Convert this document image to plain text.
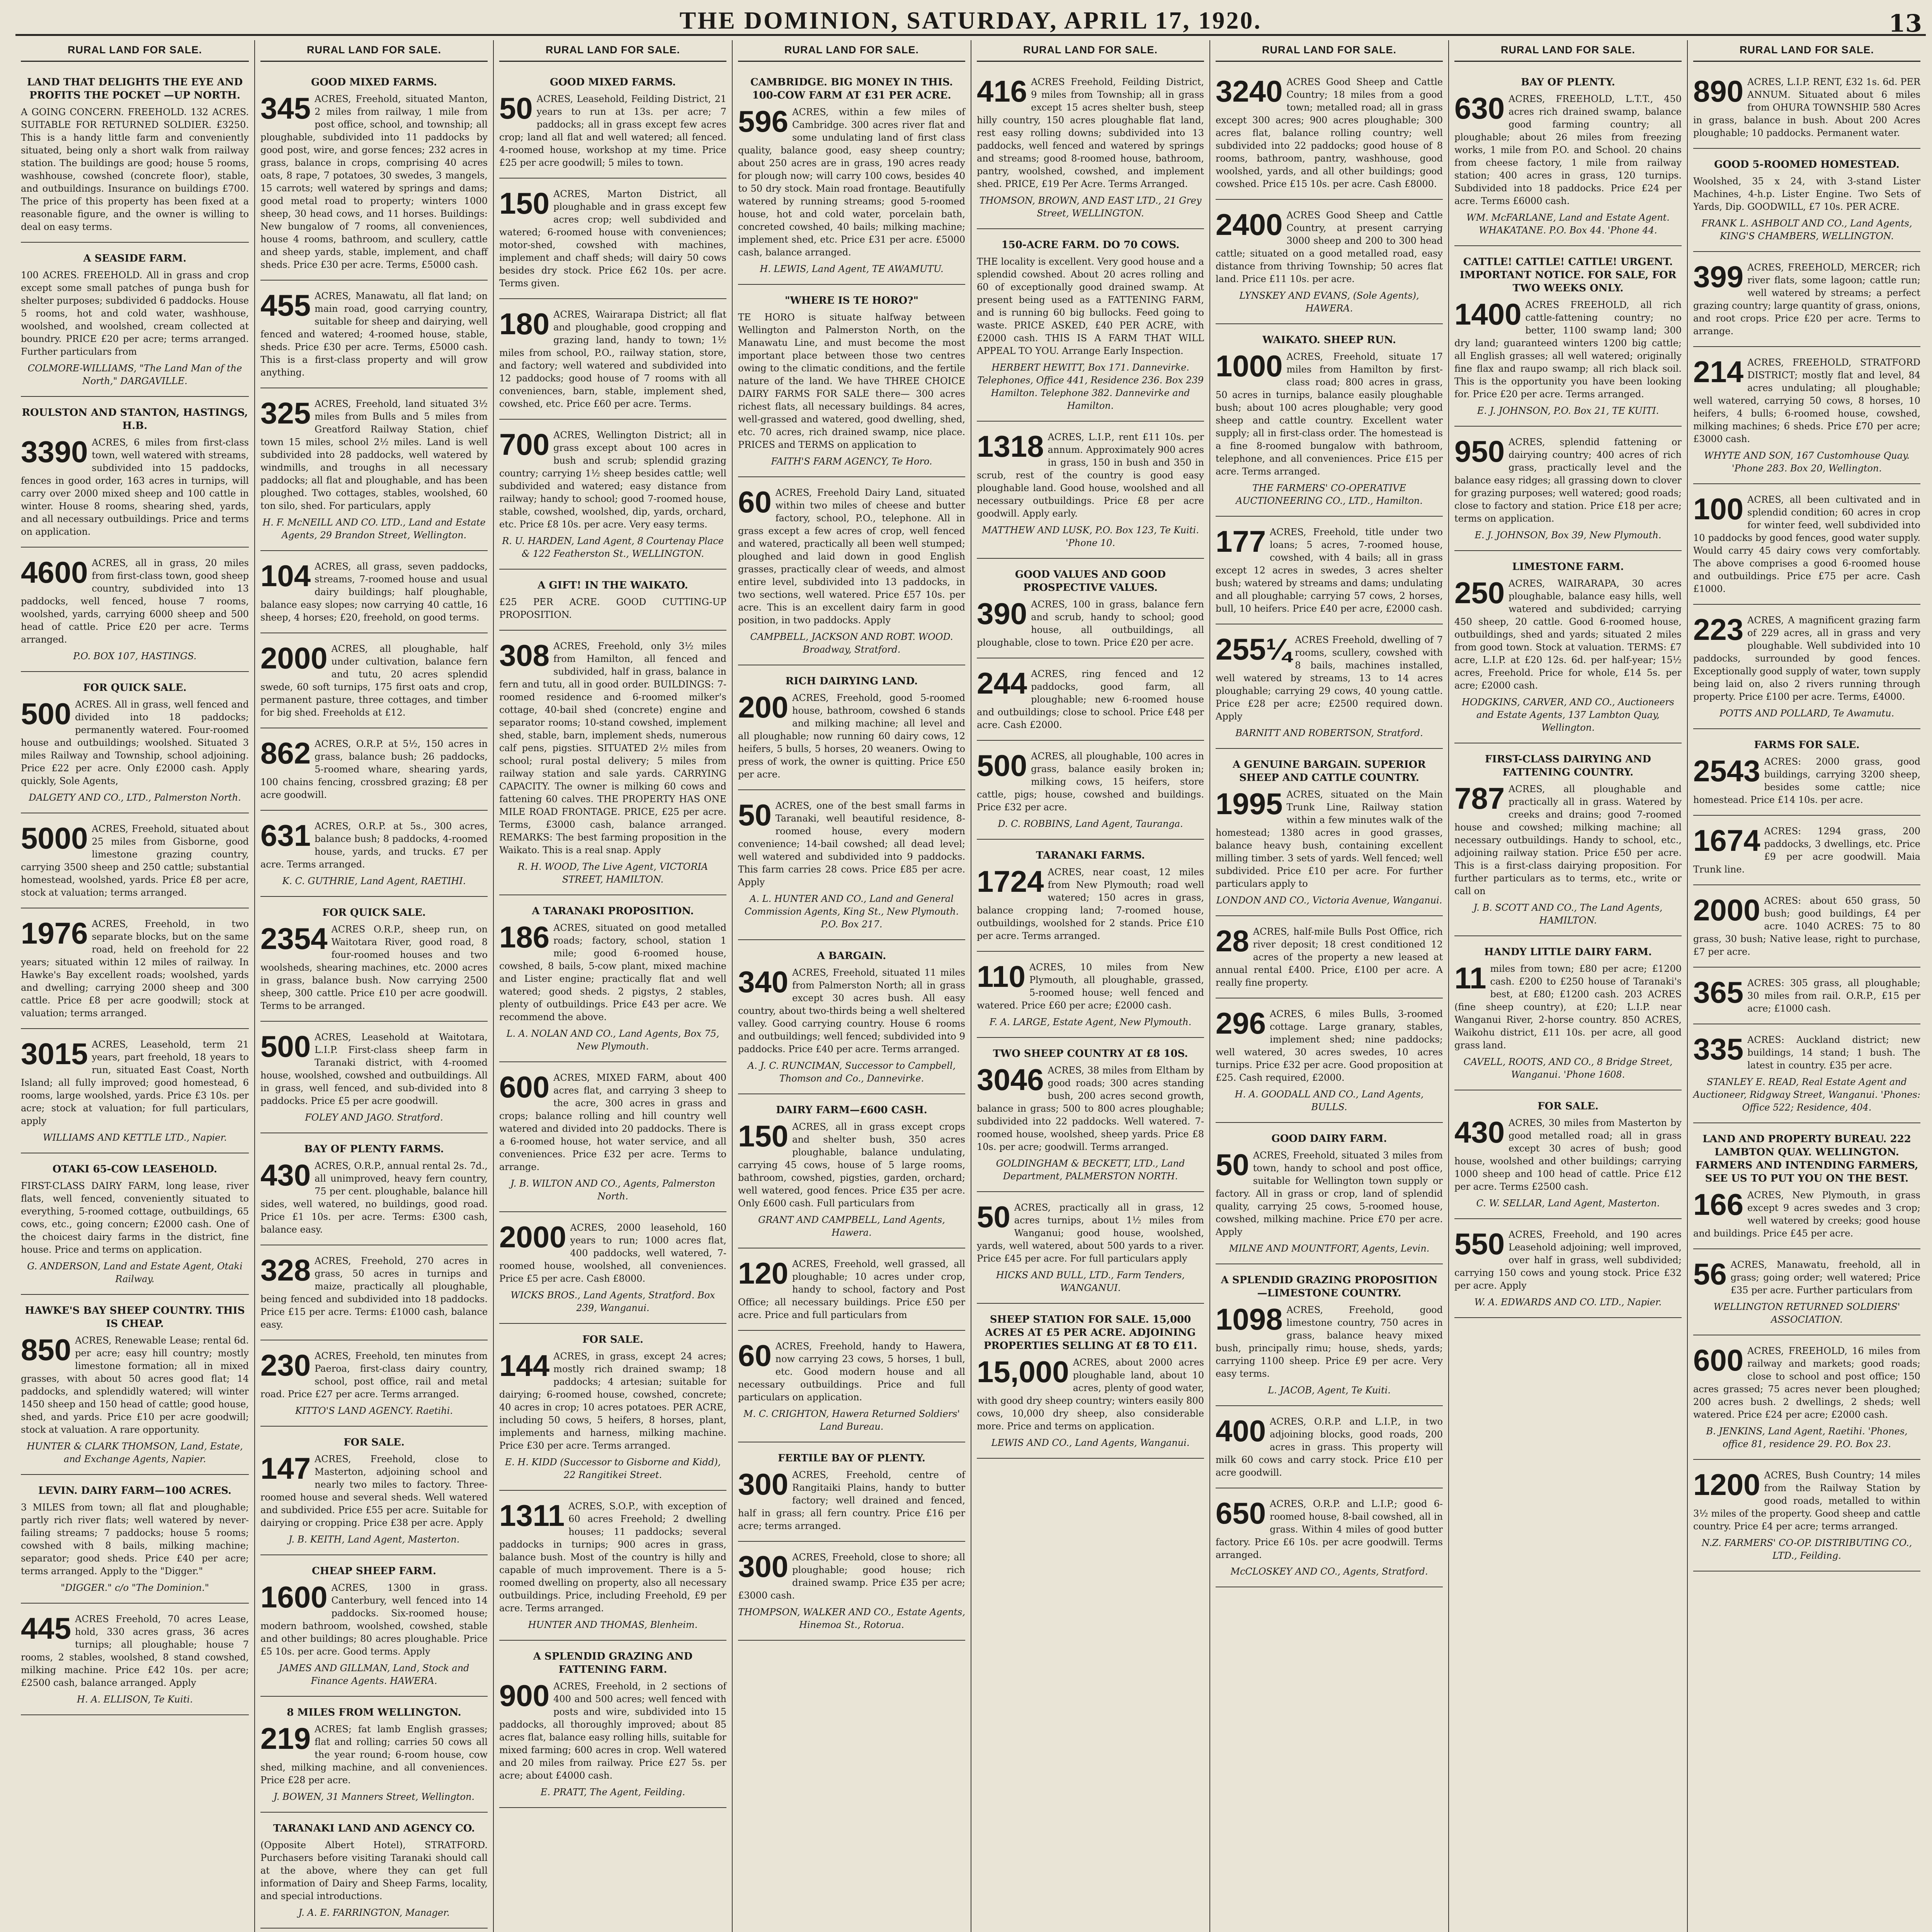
THE DOMINION, SATURDAY, APRIL 17, 1920.	13
RURAL LAND FOR SALE.
LAND THAT DELIGHTS THE EYE AND PROFITS THE POCKET —UP NORTH.
A GOING CONCERN. FREEHOLD. 132 ACRES. SUITABLE FOR RETURNED SOLDIER. £3250. This is a handy little farm and conveniently situated, being only a short walk from railway station. The buildings are good; house 5 rooms, washhouse, cowshed (concrete floor), stable, and outbuildings. Insurance on buildings £700. The price of this property has been fixed at a reasonable figure, and the owner is willing to deal on easy terms.
A SEASIDE FARM.
100 ACRES. FREEHOLD. All in grass and crop except some small patches of punga bush for shelter purposes; subdivided 6 paddocks. House 5 rooms, hot and cold water, washhouse, woolshed, and woolshed, cream collected at boundry. PRICE £20 per acre; terms arranged. Further particulars from
COLMORE-WILLIAMS, "The Land Man of the North," DARGAVILLE.
ROULSTON AND STANTON, HASTINGS, H.B.
3390 ACRES, 6 miles from first-class town, well watered with streams, subdivided into 15 paddocks, fences in good order, 163 acres in turnips, will carry over 2000 mixed sheep and 100 cattle in winter. House 8 rooms, shearing shed, yards, and all necessary outbuildings. Price and terms on application.
4600 ACRES, all in grass, 20 miles from first-class town, good sheep country, subdivided into 13 paddocks, well fenced, house 7 rooms, woolshed, yards, carrying 6000 sheep and 500 head of cattle. Price £20 per acre. Terms arranged.
P.O. BOX 107, HASTINGS.
FOR QUICK SALE.
500 ACRES. All in grass, well fenced and divided into 18 paddocks; permanently watered. Four-roomed house and outbuildings; woolshed. Situated 3 miles Railway and Township, school adjoining. Price £22 per acre. Only £2000 cash. Apply quickly, Sole Agents,
DALGETY AND CO., LTD., Palmerston North.
5000 ACRES, Freehold, situated about 25 miles from Gisborne, good limestone grazing country, carrying 3500 sheep and 250 cattle; substantial homestead, woolshed, yards. Price £8 per acre, stock at valuation; terms arranged.
1976 ACRES, Freehold, in two separate blocks, but on the same road, held on freehold for 22 years; situated within 12 miles of railway. In Hawke's Bay excellent roads; woolshed, yards and dwelling; carrying 2000 sheep and 300 cattle. Price £8 per acre goodwill; stock at valuation; terms arranged.
3015 ACRES, Leasehold, term 21 years, part freehold, 18 years to run, situated East Coast, North Island; all fully improved; good homestead, 6 rooms, large woolshed, yards. Price £3 10s. per acre; stock at valuation; for full particulars, apply
WILLIAMS AND KETTLE LTD., Napier.
OTAKI 65-COW LEASEHOLD.
FIRST-CLASS DAIRY FARM, long lease, river flats, well fenced, conveniently situated to everything, 5-roomed cottage, outbuildings, 65 cows, etc., going concern; £2000 cash. One of the choicest dairy farms in the district, fine house. Price and terms on application.
G. ANDERSON, Land and Estate Agent, Otaki Railway.
HAWKE'S BAY SHEEP COUNTRY. THIS IS CHEAP.
850 ACRES, Renewable Lease; rental 6d. per acre; easy hill country; mostly limestone formation; all in mixed grasses, with about 50 acres good flat; 14 paddocks, and splendidly watered; will winter 1450 sheep and 150 head of cattle; good house, shed, and yards. Price £10 per acre goodwill; stock at valuation. A rare opportunity.
HUNTER & CLARK THOMSON, Land, Estate, and Exchange Agents, Napier.
LEVIN. DAIRY FARM—100 ACRES.
3 MILES from town; all flat and ploughable; partly rich river flats; well watered by never-failing streams; 7 paddocks; house 5 rooms; cowshed with 8 bails, milking machine; separator; good sheds. Price £40 per acre; terms arranged. Apply to the "Digger."
"DIGGER." c/o "The Dominion."
445 ACRES Freehold, 70 acres Lease, hold, 330 acres grass, 36 acres turnips; all ploughable; house 7 rooms, 2 stables, woolshed, 8 stand cowshed, milking machine. Price £42 10s. per acre; £2500 cash, balance arranged. Apply
H. A. ELLISON, Te Kuiti.
RURAL LAND FOR SALE.
GOOD MIXED FARMS.
345 ACRES, Freehold, situated Manton, 2 miles from railway, 1 mile from post office, school, and township; all ploughable, subdivided into 11 paddocks by good post, wire, and gorse fences; 232 acres in grass, balance in crops, comprising 40 acres oats, 8 rape, 7 potatoes, 30 swedes, 3 mangels, 15 carrots; well watered by springs and dams; good metal road to property; winters 1000 sheep, 30 head cows, and 11 horses. Buildings: New bungalow of 7 rooms, all conveniences, house 4 rooms, bathroom, and scullery, cattle and sheep yards, stable, implement, and chaff sheds. Price £30 per acre. Terms, £5000 cash.
455 ACRES, Manawatu, all flat land; on main road, good carrying country, suitable for sheep and dairying, well fenced and watered; 4-roomed house, stable, sheds. Price £30 per acre. Terms, £5000 cash. This is a first-class property and will grow anything.
325 ACRES, Freehold, land situated 3½ miles from Bulls and 5 miles from Greatford Railway Station, chief town 15 miles, school 2½ miles. Land is well subdivided into 28 paddocks, well watered by windmills, and troughs in all necessary paddocks; all flat and ploughable, and has been ploughed. Two cottages, stables, woolshed, 60 ton silo, shed. For particulars, apply
H. F. McNEILL AND CO. LTD., Land and Estate Agents, 29 Brandon Street, Wellington.
104 ACRES, all grass, seven paddocks, streams, 7-roomed house and usual dairy buildings; half ploughable, balance easy slopes; now carrying 40 cattle, 16 sheep, 4 horses; £20, freehold, on good terms.
2000 ACRES, all ploughable, half under cultivation, balance fern and tutu, 20 acres splendid swede, 60 soft turnips, 175 first oats and crop, permanent pasture, three cottages, and timber for big shed. Freeholds at £12.
862 ACRES, O.R.P. at 5½, 150 acres in grass, balance bush; 26 paddocks, 5-roomed whare, shearing yards, 100 chains fencing, crossbred grazing; £8 per acre goodwill.
631 ACRES, O.R.P. at 5s., 300 acres, balance bush; 8 paddocks, 4-roomed house, yards, and trucks. £7 per acre. Terms arranged.
K. C. GUTHRIE, Land Agent, RAETIHI.
FOR QUICK SALE.
2354 ACRES O.R.P., sheep run, on Waitotara River, good road, 8 four-roomed houses and two woolsheds, shearing machines, etc. 2000 acres in grass, balance bush. Now carrying 2500 sheep, 300 cattle. Price £10 per acre goodwill. Terms to be arranged.
500 ACRES, Leasehold at Waitotara, L.I.P. First-class sheep farm in Taranaki district, with 4-roomed house, woolshed, cowshed and outbuildings. All in grass, well fenced, and sub-divided into 8 paddocks. Price £5 per acre goodwill.
FOLEY AND JAGO. Stratford.
BAY OF PLENTY FARMS.
430 ACRES, O.R.P., annual rental 2s. 7d., all unimproved, heavy fern country, 75 per cent. ploughable, balance hill sides, well watered, no buildings, good road. Price £1 10s. per acre. Terms: £300 cash, balance easy.
328 ACRES, Freehold, 270 acres in grass, 50 acres in turnips and maize, practically all ploughable, being fenced and subdivided into 18 paddocks. Price £15 per acre. Terms: £1000 cash, balance easy.
230 ACRES, Freehold, ten minutes from Paeroa, first-class dairy country, school, post office, rail and metal road. Price £27 per acre. Terms arranged.
KITTO'S LAND AGENCY. Raetihi.
FOR SALE.
147 ACRES, Freehold, close to Masterton, adjoining school and nearly two miles to factory. Three-roomed house and several sheds. Well watered and subdivided. Price £55 per acre. Suitable for dairying or cropping. Price £38 per acre. Apply
J. B. KEITH, Land Agent, Masterton.
CHEAP SHEEP FARM.
1600 ACRES, 1300 in grass. Canterbury, well fenced into 14 paddocks. Six-roomed house; modern bathroom, woolshed, cowshed, stable and other buildings; 80 acres ploughable. Price £5 10s. per acre. Good terms. Apply
JAMES AND GILLMAN, Land, Stock and Finance Agents. HAWERA.
8 MILES FROM WELLINGTON.
219 ACRES; fat lamb English grasses; flat and rolling; carries 50 cows all the year round; 6-room house, cow shed, milking machine, and all conveniences. Price £28 per acre.
J. BOWEN, 31 Manners Street, Wellington.
TARANAKI LAND AND AGENCY CO.
(Opposite Albert Hotel), STRATFORD. Purchasers before visiting Taranaki should call at the above, where they can get full information of Dairy and Sheep Farms, locality, and special introductions.
J. A. E. FARRINGTON, Manager.
RURAL LAND FOR SALE.
GOOD MIXED FARMS.
50 ACRES, Leasehold, Feilding District, 21 years to run at 13s. per acre; 7 paddocks; all in grass except few acres crop; land all flat and well watered; all fenced. 4-roomed house, workshop at my time. Price £25 per acre goodwill; 5 miles to town.
150 ACRES, Marton District, all ploughable and in grass except few acres crop; well subdivided and watered; 6-roomed house with conveniences; motor-shed, cowshed with machines, implement and chaff sheds; will dairy 50 cows besides dry stock. Price £62 10s. per acre. Terms given.
180 ACRES, Wairarapa District; all flat and ploughable, good cropping and grazing land, handy to town; 1½ miles from school, P.O., railway station, store, and factory; well watered and subdivided into 12 paddocks; good house of 7 rooms with all conveniences, barn, stable, implement shed, cowshed, etc. Price £60 per acre. Terms.
700 ACRES, Wellington District; all in grass except about 100 acres in bush and scrub; splendid grazing country; carrying 1½ sheep besides cattle; well subdivided and watered; easy distance from railway; handy to school; good 7-roomed house, stable, cowshed, woolshed, dip, yards, orchard, etc. Price £8 10s. per acre. Very easy terms.
R. U. HARDEN, Land Agent, 8 Courtenay Place & 122 Featherston St., WELLINGTON.
A GIFT! IN THE WAIKATO.
£25 PER ACRE. GOOD CUTTING-UP PROPOSITION.
308 ACRES, Freehold, only 3½ miles from Hamilton, all fenced and subdivided, half in grass, balance in fern and tutu, all in good order. BUILDINGS: 7-roomed residence and 6-roomed milker's cottage, 40-bail shed (concrete) engine and separator rooms; 10-stand cowshed, implement shed, stable, barn, implement sheds, numerous calf pens, pigsties. SITUATED 2½ miles from school; rural postal delivery; 5 miles from railway station and sale yards. CARRYING CAPACITY. The owner is milking 60 cows and fattening 60 calves. THE PROPERTY HAS ONE MILE ROAD FRONTAGE. PRICE, £25 per acre. Terms, £3000 cash, balance arranged. REMARKS: The best farming proposition in the Waikato. This is a real snap. Apply
R. H. WOOD, The Live Agent, VICTORIA STREET, HAMILTON.
A TARANAKI PROPOSITION.
186 ACRES, situated on good metalled roads; factory, school, station 1 mile; good 6-roomed house, cowshed, 8 bails, 5-cow plant, mixed machine and Lister engine; practically flat and well watered; good sheds. 2 pigstys, 2 stables, plenty of outbuildings. Price £43 per acre. We recommend the above.
L. A. NOLAN AND CO., Land Agents, Box 75, New Plymouth.
600 ACRES, MIXED FARM, about 400 acres flat, and carrying 3 sheep to the acre, 300 acres in grass and crops; balance rolling and hill country well watered and divided into 20 paddocks. There is a 6-roomed house, hot water service, and all conveniences. Price £32 per acre. Terms to arrange.
J. B. WILTON AND CO., Agents, Palmerston North.
2000 ACRES, 2000 leasehold, 160 years to run; 1000 acres flat, 400 paddocks, well watered, 7-roomed house, woolshed, all conveniences. Price £5 per acre. Cash £8000.
WICKS BROS., Land Agents, Stratford. Box 239, Wanganui.
FOR SALE.
144 ACRES, in grass, except 24 acres; mostly rich drained swamp; 18 paddocks; 4 artesian; suitable for dairying; 6-roomed house, cowshed, concrete; 40 acres in crop; 10 acres potatoes. PER ACRE, including 50 cows, 5 heifers, 8 horses, plant, implements and harness, milking machine. Price £30 per acre. Terms arranged.
E. H. KIDD (Successor to Gisborne and Kidd), 22 Rangitikei Street.
1311 ACRES, S.O.P., with exception of 60 acres Freehold; 2 dwelling houses; 11 paddocks; several paddocks in turnips; 900 acres in grass, balance bush. Most of the country is hilly and capable of much improvement. There is a 5-roomed dwelling on property, also all necessary outbuildings. Price, including Freehold, £9 per acre. Terms arranged.
HUNTER AND THOMAS, Blenheim.
A SPLENDID GRAZING AND FATTENING FARM.
900 ACRES, Freehold, in 2 sections of 400 and 500 acres; well fenced with posts and wire, subdivided into 15 paddocks, all thoroughly improved; about 85 acres flat, balance easy rolling hills, suitable for mixed farming; 600 acres in crop. Well watered and 20 miles from railway. Price £27 5s. per acre; about £4000 cash.
E. PRATT, The Agent, Feilding.
RURAL LAND FOR SALE.
CAMBRIDGE. BIG MONEY IN THIS. 100-COW FARM AT £31 PER ACRE.
596 ACRES, within a few miles of Cambridge. 300 acres river flat and some undulating land of first class quality, balance good, easy sheep country; about 250 acres are in grass, 190 acres ready for plough now; will carry 100 cows, besides 40 to 50 dry stock. Main road frontage. Beautifully watered by running streams; good 5-roomed house, hot and cold water, porcelain bath, concreted cowshed, 40 bails; milking machine; implement shed, etc. Price £31 per acre. £5000 cash, balance arranged.
H. LEWIS, Land Agent, TE AWAMUTU.
"WHERE IS TE HORO?"
TE HORO is situate halfway between Wellington and Palmerston North, on the Manawatu Line, and must become the most important place between those two centres owing to the climatic conditions, and the fertile nature of the land. We have THREE CHOICE DAIRY FARMS FOR SALE there— 300 acres richest flats, all necessary buildings. 84 acres, well-grassed and watered, good dwelling, shed, etc. 70 acres, rich drained swamp, nice place. PRICES and TERMS on application to
FAITH'S FARM AGENCY, Te Horo.
60 ACRES, Freehold Dairy Land, situated within two miles of cheese and butter factory, school, P.O., telephone. All in grass except a few acres of crop, well fenced and watered, practically all been well stumped; ploughed and laid down in good English grasses, practically clear of weeds, and almost entire level, subdivided into 13 paddocks, in two sections, well watered. Price £57 10s. per acre. This is an excellent dairy farm in good position, in two paddocks. Apply
CAMPBELL, JACKSON AND ROBT. WOOD. Broadway, Stratford.
RICH DAIRYING LAND.
200 ACRES, Freehold, good 5-roomed house, bathroom, cowshed 6 stands and milking machine; all level and all ploughable; now running 60 dairy cows, 12 heifers, 5 bulls, 5 horses, 20 weaners. Owing to press of work, the owner is quitting. Price £50 per acre.
50 ACRES, one of the best small farms in Taranaki, well beautiful residence, 8-roomed house, every modern convenience; 14-bail cowshed; all dead level; well watered and subdivided into 9 paddocks. This farm carries 28 cows. Price £85 per acre. Apply
A. L. HUNTER AND CO., Land and General Commission Agents, King St., New Plymouth. P.O. Box 217.
A BARGAIN.
340 ACRES, Freehold, situated 11 miles from Palmerston North; all in grass except 30 acres bush. All easy country, about two-thirds being a well sheltered valley. Good carrying country. House 6 rooms and outbuildings; well fenced; subdivided into 9 paddocks. Price £40 per acre. Terms arranged.
A. J. C. RUNCIMAN, Successor to Campbell, Thomson and Co., Dannevirke.
DAIRY FARM—£600 CASH.
150 ACRES, all in grass except crops and shelter bush, 350 acres ploughable, balance undulating, carrying 45 cows, house of 5 large rooms, bathroom, cowshed, pigsties, garden, orchard; well watered, good fences. Price £35 per acre. Only £600 cash. Full particulars from
GRANT AND CAMPBELL, Land Agents, Hawera.
120 ACRES, Freehold, well grassed, all ploughable; 10 acres under crop, handy to school, factory and Post Office; all necessary buildings. Price £50 per acre. Price and full particulars from
60 ACRES, Freehold, handy to Hawera, now carrying 23 cows, 5 horses, 1 bull, etc. Good modern house and all necessary outbuildings. Price and full particulars on application.
M. C. CRIGHTON, Hawera Returned Soldiers' Land Bureau.
FERTILE BAY OF PLENTY.
300 ACRES, Freehold, centre of Rangitaiki Plains, handy to butter factory; well drained and fenced, half in grass; all fern country. Price £16 per acre; terms arranged.
300 ACRES, Freehold, close to shore; all ploughable; good house; rich drained swamp. Price £35 per acre; £3000 cash.
THOMPSON, WALKER AND CO., Estate Agents, Hinemoa St., Rotorua.
RURAL LAND FOR SALE.
416 ACRES Freehold, Feilding District, 9 miles from Township; all in grass except 15 acres shelter bush, steep hilly country, 150 acres ploughable flat land, rest easy rolling downs; subdivided into 13 paddocks, well fenced and watered by springs and streams; good 8-roomed house, bathroom, pantry, woolshed, cowshed, and implement shed. PRICE, £19 Per Acre. Terms Arranged.
THOMSON, BROWN, AND EAST LTD., 21 Grey Street, WELLINGTON.
150-ACRE FARM. DO 70 COWS.
THE locality is excellent. Very good house and a splendid cowshed. About 20 acres rolling and 60 of exceptionally good drained swamp. At present being used as a FATTENING FARM, and is running 60 big bullocks. Feed going to waste. PRICE ASKED, £40 PER ACRE, with £2000 cash. THIS IS A FARM THAT WILL APPEAL TO YOU. Arrange Early Inspection.
HERBERT HEWITT, Box 171. Dannevirke. Telephones, Office 441, Residence 236. Box 239 Hamilton. Telephone 382. Dannevirke and Hamilton.
1318 ACRES, L.I.P., rent £11 10s. per annum. Approximately 900 acres in grass, 150 in bush and 350 in scrub, rest of the country is good easy ploughable land. Good house, woolshed and all necessary outbuildings. Price £8 per acre goodwill. Apply early.
MATTHEW AND LUSK, P.O. Box 123, Te Kuiti. 'Phone 10.
GOOD VALUES AND GOOD PROSPECTIVE VALUES.
390 ACRES, 100 in grass, balance fern and scrub, handy to school; good house, all outbuildings, all ploughable, close to town. Price £20 per acre.
244 ACRES, ring fenced and 12 paddocks, good farm, all ploughable; new 6-roomed house and outbuildings; close to school. Price £48 per acre. Cash £2000.
500 ACRES, all ploughable, 100 acres in grass, balance easily broken in; milking cows, 15 heifers, store cattle, pigs; house, cowshed and buildings. Price £32 per acre.
D. C. ROBBINS, Land Agent, Tauranga.
TARANAKI FARMS.
1724 ACRES, near coast, 12 miles from New Plymouth; road well watered; 150 acres in grass, balance cropping land; 7-roomed house, outbuildings, woolshed for 2 stands. Price £10 per acre. Terms arranged.
110 ACRES, 10 miles from New Plymouth, all ploughable, grassed, 5-roomed house; well fenced and watered. Price £60 per acre; £2000 cash.
F. A. LARGE, Estate Agent, New Plymouth.
TWO SHEEP COUNTRY AT £8 10S.
3046 ACRES, 38 miles from Eltham by good roads; 300 acres standing bush, 200 acres second growth, balance in grass; 500 to 800 acres ploughable; subdivided into 22 paddocks. Well watered. 7-roomed house, woolshed, sheep yards. Price £8 10s. per acre; goodwill. Terms arranged.
GOLDINGHAM & BECKETT, LTD., Land Department, PALMERSTON NORTH.
50 ACRES, practically all in grass, 12 acres turnips, about 1½ miles from Wanganui; good house, woolshed, yards, well watered, about 500 yards to a river. Price £45 per acre. For full particulars apply
HICKS AND BULL, LTD., Farm Tenders, WANGANUI.
SHEEP STATION FOR SALE. 15,000 ACRES AT £5 PER ACRE. ADJOINING PROPERTIES SELLING AT £8 TO £11.
15,000 ACRES, about 2000 acres ploughable land, about 10 acres, plenty of good water, with good dry sheep country; winters easily 800 cows, 10,000 dry sheep, also considerable more. Price and terms on application.
LEWIS AND CO., Land Agents, Wanganui.
RURAL LAND FOR SALE.
3240 ACRES Good Sheep and Cattle Country; 18 miles from a good town; metalled road; all in grass except 300 acres; 900 acres ploughable; 300 acres flat, balance rolling country; well subdivided into 22 paddocks; good house of 8 rooms, bathroom, pantry, washhouse, good woolshed, yards, and all other buildings; good cowshed. Price £15 10s. per acre. Cash £8000.
2400 ACRES Good Sheep and Cattle Country, at present carrying 3000 sheep and 200 to 300 head cattle; situated on a good metalled road, easy distance from thriving Township; 50 acres flat land. Price £11 10s. per acre.
LYNSKEY AND EVANS, (Sole Agents), HAWERA.
WAIKATO. SHEEP RUN.
1000 ACRES, Freehold, situate 17 miles from Hamilton by first-class road; 800 acres in grass, 50 acres in turnips, balance easily ploughable bush; about 100 acres ploughable; very good sheep and cattle country. Excellent water supply; all in first-class order. The homestead is a fine 8-roomed bungalow with bathroom, telephone, and all conveniences. Price £15 per acre. Terms arranged.
THE FARMERS' CO-OPERATIVE AUCTIONEERING CO., LTD., Hamilton.
177 ACRES, Freehold, title under two loans; 5 acres, 7-roomed house, cowshed, with 4 bails; all in grass except 12 acres in swedes, 3 acres shelter bush; watered by streams and dams; undulating and all ploughable; carrying 57 cows, 2 horses, bull, 10 heifers. Price £40 per acre, £2000 cash.
255¼ ACRES Freehold, dwelling of 7 rooms, scullery, cowshed with 8 bails, machines installed, well watered by streams, 13 to 14 acres ploughable; carrying 29 cows, 40 young cattle. Price £28 per acre; £2500 required down. Apply
BARNITT AND ROBERTSON, Stratford.
A GENUINE BARGAIN. SUPERIOR SHEEP AND CATTLE COUNTRY.
1995 ACRES, situated on the Main Trunk Line, Railway station within a few minutes walk of the homestead; 1380 acres in good grasses, balance heavy bush, containing excellent milling timber. 3 sets of yards. Well fenced; well subdivided. Price £10 per acre. For further particulars apply to
LONDON AND CO., Victoria Avenue, Wanganui.
28 ACRES, half-mile Bulls Post Office, rich river deposit; 18 crest conditioned 12 acres of the property a new leased at annual rental £400. Price, £100 per acre. A really fine property.
296 ACRES, 6 miles Bulls, 3-roomed cottage. Large granary, stables, implement shed; nine paddocks; well watered, 30 acres swedes, 10 acres turnips. Price £32 per acre. Good proposition at £25. Cash required, £2000.
H. A. GOODALL AND CO., Land Agents, BULLS.
GOOD DAIRY FARM.
50 ACRES, Freehold, situated 3 miles from town, handy to school and post office, suitable for Wellington town supply or factory. All in grass or crop, land of splendid quality, carrying 25 cows, 5-roomed house, cowshed, milking machine. Price £70 per acre. Apply
MILNE AND MOUNTFORT, Agents, Levin.
A SPLENDID GRAZING PROPOSITION —LIMESTONE COUNTRY.
1098 ACRES, Freehold, good limestone country, 750 acres in grass, balance heavy mixed bush, principally rimu; house, sheds, yards; carrying 1100 sheep. Price £9 per acre. Very easy terms.
L. JACOB, Agent, Te Kuiti.
400 ACRES, O.R.P. and L.I.P., in two adjoining blocks, good roads, 200 acres in grass. This property will milk 60 cows and carry stock. Price £10 per acre goodwill.
650 ACRES, O.R.P. and L.I.P.; good 6-roomed house, 8-bail cowshed, all in grass. Within 4 miles of good butter factory. Price £6 10s. per acre goodwill. Terms arranged.
McCLOSKEY AND CO., Agents, Stratford.
RURAL LAND FOR SALE.
BAY OF PLENTY.
630 ACRES, FREEHOLD, L.T.T., 450 acres rich drained swamp, balance good farming country; all ploughable; about 26 miles from freezing works, 1 mile from P.O. and School. 20 chains from cheese factory, 1 mile from railway station; 400 acres in grass, 120 turnips. Subdivided into 18 paddocks. Price £24 per acre. Terms £6000 cash.
WM. McFARLANE, Land and Estate Agent. WHAKATANE. P.O. Box 44. 'Phone 44.
CATTLE! CATTLE! CATTLE! URGENT. IMPORTANT NOTICE. FOR SALE, FOR TWO WEEKS ONLY.
1400 ACRES FREEHOLD, all rich cattle-fattening country; no better, 1100 swamp land; 300 dry land; guaranteed winters 1200 big cattle; all English grasses; all well watered; originally fine flax and raupo swamp; all rich black soil. This is the opportunity you have been looking for. Price £20 per acre. Terms arranged.
E. J. JOHNSON, P.O. Box 21, TE KUITI.
950 ACRES, splendid fattening or dairying country; 400 acres of rich grass, practically level and the balance easy ridges; all grassing down to clover for grazing purposes; well watered; good roads; close to factory and station. Price £18 per acre; terms on application.
E. J. JOHNSON, Box 39, New Plymouth.
LIMESTONE FARM.
250 ACRES, WAIRARAPA, 30 acres ploughable, balance easy hills, well watered and subdivided; carrying 450 sheep, 20 cattle. Good 6-roomed house, outbuildings, shed and yards; situated 2 miles from good town. Stock at valuation. TERMS: £7 acre, L.I.P. at £20 12s. 6d. per half-year; 15½ acres, Freehold. Price for whole, £14 5s. per acre; £2000 cash.
HODGKINS, CARVER, AND CO., Auctioneers and Estate Agents, 137 Lambton Quay, Wellington.
FIRST-CLASS DAIRYING AND FATTENING COUNTRY.
787 ACRES, all ploughable and practically all in grass. Watered by creeks and drains; good 7-roomed house and cowshed; milking machine; all necessary outbuildings. Handy to school, etc., adjoining railway station. Price £50 per acre. This is a first-class dairying proposition. For further particulars as to terms, etc., write or call on
J. B. SCOTT AND CO., The Land Agents, HAMILTON.
HANDY LITTLE DAIRY FARM.
11 miles from town; £80 per acre; £1200 cash. £200 to £250 house of Taranaki's best, at £80; £1200 cash. 203 ACRES (fine sheep country), at £20; L.I.P. near Wanganui River, 2-horse country. 850 ACRES, Waikohu district, £11 10s. per acre, all good grass land.
CAVELL, ROOTS, AND CO., 8 Bridge Street, Wanganui. 'Phone 1608.
FOR SALE.
430 ACRES, 30 miles from Masterton by good metalled road; all in grass except 30 acres of bush; good house, woolshed and other buildings; carrying 1000 sheep and 100 head of cattle. Price £12 per acre. Terms £2500 cash.
C. W. SELLAR, Land Agent, Masterton.
550 ACRES, Freehold, and 190 acres Leasehold adjoining; well improved, over half in grass, well subdivided; carrying 150 cows and young stock. Price £32 per acre. Apply
W. A. EDWARDS AND CO. LTD., Napier.
RURAL LAND FOR SALE.
890 ACRES, L.I.P. RENT, £32 1s. 6d. PER ANNUM. Situated about 6 miles from OHURA TOWNSHIP. 580 Acres in grass, balance in bush. About 200 Acres ploughable; 10 paddocks. Permanent water.
GOOD 5-ROOMED HOMESTEAD.
Woolshed, 35 x 24, with 3-stand Lister Machines, 4-h.p. Lister Engine. Two Sets of Yards, Dip. GOODWILL, £7 10s. PER ACRE.
FRANK L. ASHBOLT AND CO., Land Agents, KING'S CHAMBERS, WELLINGTON.
399 ACRES, FREEHOLD, MERCER; rich river flats, some lagoon; cattle run; well watered by streams; a perfect grazing country; large quantity of grass, onions, and root crops. Price £20 per acre. Terms to arrange.
214 ACRES, FREEHOLD, STRATFORD DISTRICT; mostly flat and level, 84 acres undulating; all ploughable; well watered, carrying 50 cows, 8 horses, 10 heifers, 4 bulls; 6-roomed house, cowshed, milking machines; 6 sheds. Price £70 per acre; £3000 cash.
WHYTE AND SON, 167 Customhouse Quay. 'Phone 283. Box 20, Wellington.
100 ACRES, all been cultivated and in splendid condition; 60 acres in crop for winter feed, well subdivided into 10 paddocks by good fences, good water supply. Would carry 45 dairy cows very comfortably. The above comprises a good 6-roomed house and outbuildings. Price £75 per acre. Cash £1000.
223 ACRES, A magnificent grazing farm of 229 acres, all in grass and very ploughable. Well subdivided into 10 paddocks, surrounded by good fences. Exceptionally good supply of water, town supply being laid on, also 2 rivers running through property. Price £100 per acre. Terms, £4000.
POTTS AND POLLARD, Te Awamutu.
FARMS FOR SALE.
2543 ACRES: 2000 grass, good buildings, carrying 3200 sheep, besides some cattle; nice homestead. Price £14 10s. per acre.
1674 ACRES: 1294 grass, 200 paddocks, 3 dwellings, etc. Price £9 per acre goodwill. Maia Trunk line.
2000 ACRES: about 650 grass, 50 bush; good buildings, £4 per acre. 1040 ACRES: 75 to 80 grass, 30 bush; Native lease, right to purchase, £7 per acre.
365 ACRES: 305 grass, all ploughable; 30 miles from rail. O.R.P., £15 per acre; £1000 cash.
335 ACRES: Auckland district; new buildings, 14 stand; 1 bush. The latest in country. £35 per acre.
STANLEY E. READ, Real Estate Agent and Auctioneer, Ridgway Street, Wanganui. 'Phones: Office 522; Residence, 404.
LAND AND PROPERTY BUREAU. 222 LAMBTON QUAY. WELLINGTON. FARMERS AND INTENDING FARMERS, SEE US TO PUT YOU ON THE BEST.
166 ACRES, New Plymouth, in grass except 9 acres swedes and 3 crop; well watered by creeks; good house and buildings. Price £45 per acre.
56 ACRES, Manawatu, freehold, all in grass; going order; well watered; Price £35 per acre. Further particulars from
WELLINGTON RETURNED SOLDIERS' ASSOCIATION.
600 ACRES, FREEHOLD, 16 miles from railway and markets; good roads; close to school and post office; 150 acres grassed; 75 acres never been ploughed; 200 acres bush. 2 dwellings, 2 sheds; well watered. Price £24 per acre; £2000 cash.
B. JENKINS, Land Agent, Raetihi. 'Phones, office 81, residence 29. P.O. Box 23.
1200 ACRES, Bush Country; 14 miles from the Railway Station by good roads, metalled to within 3½ miles of the property. Good sheep and cattle country. Price £4 per acre; terms arranged.
N.Z. FARMERS' CO-OP. DISTRIBUTING CO., LTD., Feilding.
